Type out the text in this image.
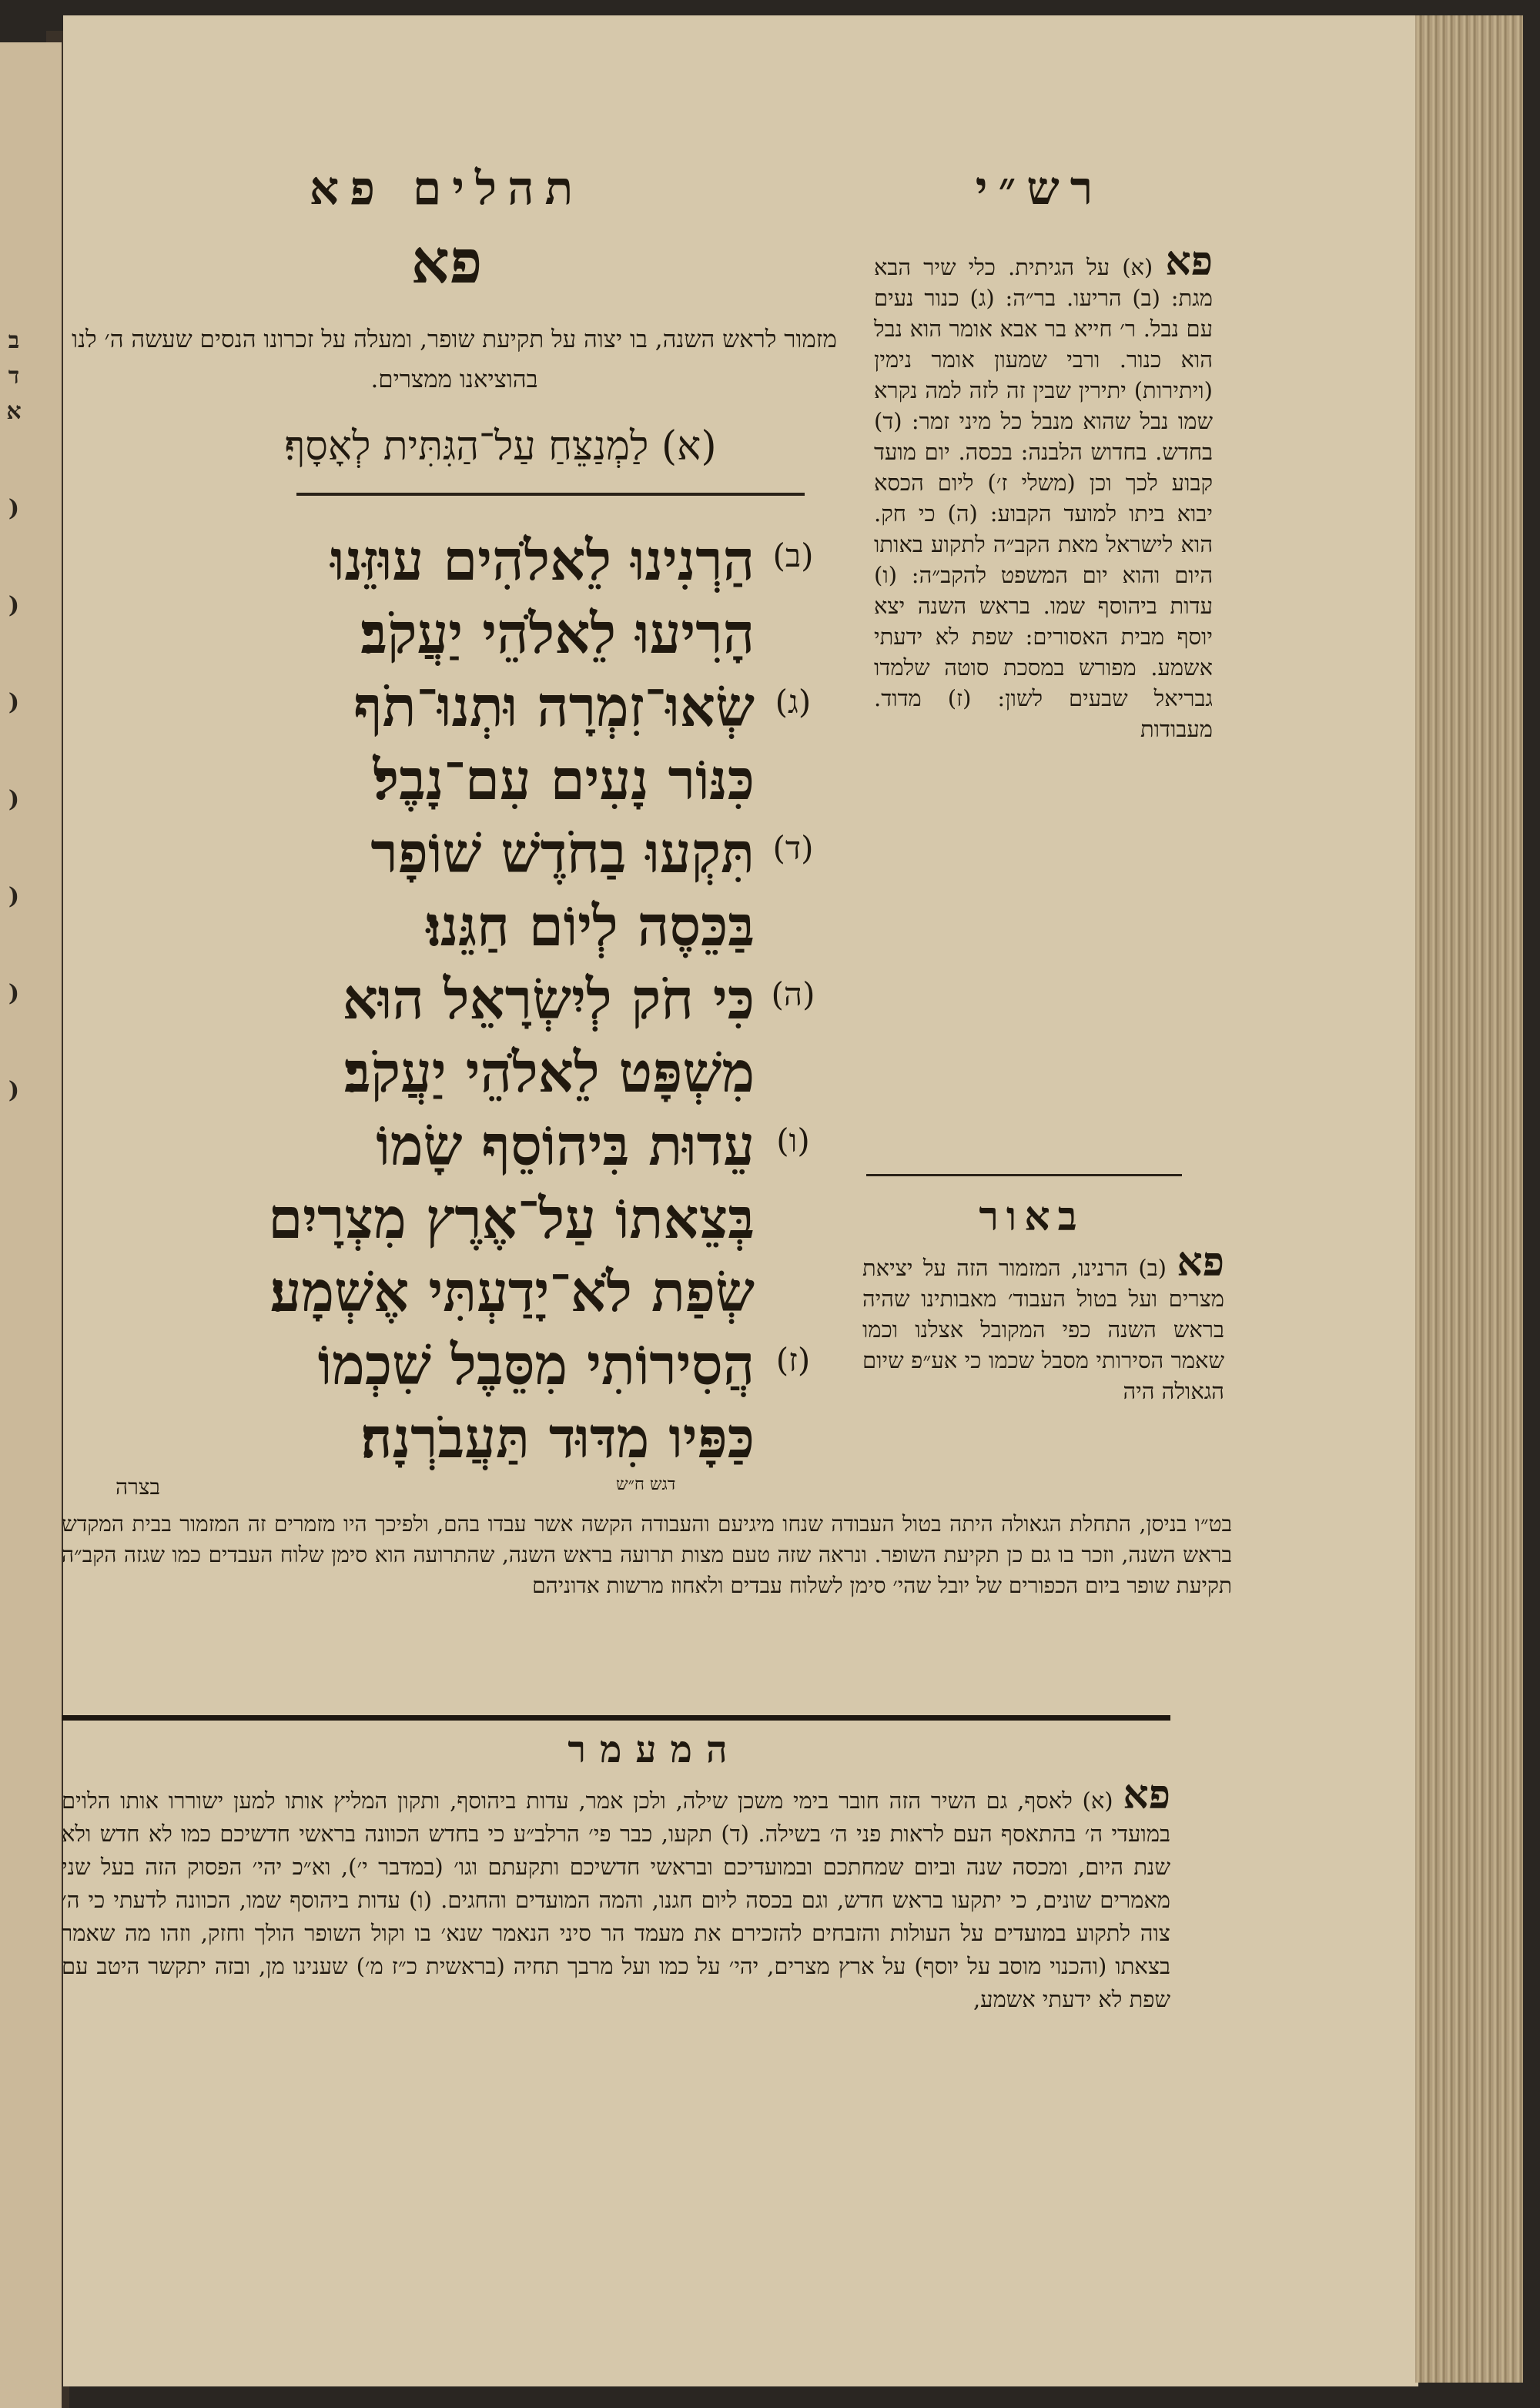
ב
ד
א
)
)
)
)
)
)
)
תהלים פא	רש״י
פא
מזמור לראש השנה, בו יצוה על תקיעת שופר, ומעלה על זכרונו הנסים שעשה ה׳ לנו בהוציאנו ממצרים.
(א) לַמְנַצֵּחַ עַל־הַגִּתִּית לְאָסָף׃
(ב)
הַרְנִינוּ לֵאלֹהִים עוּזֵּנוּ
הָרִיעוּ לֵאלֹהֵי יַעֲקֹב׃
(ג)
שְׂאוּ־זִמְרָה וּתְנוּ־תֹף
כִּנּוֹר נָעִים עִם־נָבֶל׃
(ד)
תִּקְעוּ בַחֹדֶשׁ שׁוֹפָר
בַּכֵּסֶה לְיוֹם חַגֵּנוּ׃
(ה)
כִּי חֹק לְיִשְׂרָאֵל הוּא
מִשְׁפָּט לֵאלֹהֵי יַעֲקֹב׃
(ו)
עֵדוּת בִּיהוֹסֵף שָׂמוֹ
בְּצֵאתוֹ עַל־אֶרֶץ מִצְרָיִם
שְׂפַת לֹא־יָדַעְתִּי אֶשְׁמָע׃
(ז)
הֲסִירוֹתִי מִסֵּבֶל שִׁכְמוֹ
כַּפָּיו מִדּוּד תַּעֲבֹרְנָה׃
פא (א) על הגיתית. כלי שיר הבא מגת: (ב) הריעו. בר״ה: (ג) כנור נעים עם נבל. ר׳ חייא בר אבא אומר הוא נבל הוא כנור. ורבי שמעון אומר נימין (ויתירות) יתירין שבין זה לזה למה נקרא שמו נבל שהוא מנבל כל מיני זמר: (ד) בחדש. בחדוש הלבנה: בכסה. יום מועד קבוע לכך וכן (משלי ז׳) ליום הכסא יבוא ביתו למועד הקבוע: (ה) כי חק. הוא לישראל מאת הקב״ה לתקוע באותו היום והוא יום המשפט להקב״ה: (ו) עדות ביהוסף שמו. בראש השנה יצא יוסף מבית האסורים: שפת לא ידעתי אשמע. מפורש במסכת סוטה שלמדו גבריאל שבעים לשון: (ז) מדוד. מעבודות
באור
פא (ב) הרנינו, המזמור הזה על יציאת מצרים ועל בטול העבוד׳ מאבותינו שהיה בראש השנה כפי המקובל אצלנו וכמו שאמר הסירותי מסבל שכמו כי אע״פ שיום הגאולה היה
בצרה	דגש ח״ש
בט״ו בניסן, התחלת הגאולה היתה בטול העבודה שנחו מיגיעם והעבודה הקשה אשר עבדו בהם, ולפיכך היו מזמרים זה המזמור בבית המקדש בראש השנה, וזכר בו גם כן תקיעת השופר. ונראה שזה טעם מצות תרועה בראש השנה, שהתרועה הוא סימן שלוח העבדים כמו שגזה הקב״ה תקיעת שופר ביום הכפורים של יובל שהי׳ סימן לשלוח עבדים ולאחוז מרשות אדוניהם
המעמר
פא (א) לאסף, גם השיר הזה חובר בימי משכן שילה, ולכן אמר, עדות ביהוסף, ותקון המליץ אותו למען ישוררו אותו הלוים במועדי ה׳ בהתאסף העם לראות פני ה׳ בשילה. (ד) תקעו, כבר פי׳ הרלב״ע כי בחדש הכוונה בראשי חדשיכם כמו לא חדש ולא שנת היום, ומכסה שנה וביום שמחתכם ובמועדיכם ובראשי חדשיכם ותקעתם וגו׳ (במדבר י׳), וא״כ יהי׳ הפסוק הזה בעל שני מאמרים שונים, כי יתקעו בראש חדש, וגם בכסה ליום חגנו, והמה המועדים והחגים. (ו) עדות ביהוסף שמו, הכוונה לדעתי כי ה׳ צוה לתקוע במועדים על העולות והזבחים להזכירם את מעמד הר סיני הנאמר שנא׳ בו וקול השופר הולך וחזק, וזהו מה שאמר בצאתו (והכנוי מוסב על יוסף) על ארץ מצרים, יהי׳ על כמו ועל מרבך תחיה (בראשית כ״ז מ׳) שענינו מן, ובזה יתקשר היטב עם שפת לא ידעתי אשמע,
